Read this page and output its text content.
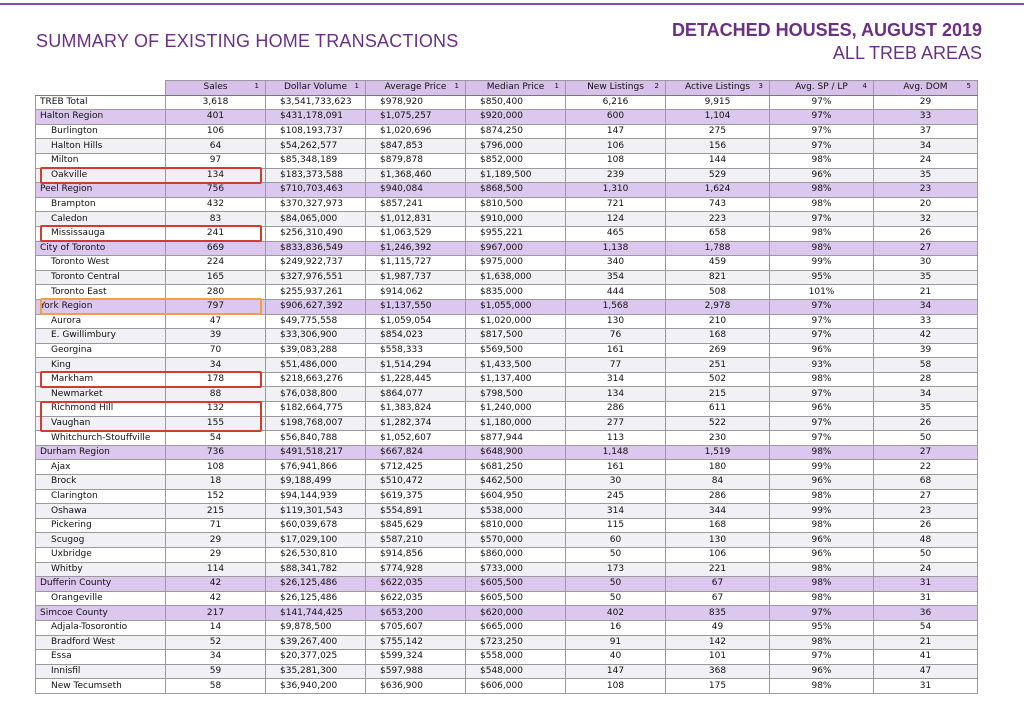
SUMMARY OF EXISTING HOME TRANSACTIONS
DETACHED HOUSES, AUGUST 2019
ALL TREB AREAS
	Sales 1	Dollar Volume 1	Average Price 1	Median Price 1	New Listings 2	Active Listings 3	Avg. SP / LP 4	Avg. DOM 5

TREB Total	3,618	$3,541,733,623	$978,920	$850,400	6,216	9,915	97%	29
Halton Region	401	$431,178,091	$1,075,257	$920,000	600	1,104	97%	33
Burlington	106	$108,193,737	$1,020,696	$874,250	147	275	97%	37
Halton Hills	64	$54,262,577	$847,853	$796,000	106	156	97%	34
Milton	97	$85,348,189	$879,878	$852,000	108	144	98%	24
Oakville	134	$183,373,588	$1,368,460	$1,189,500	239	529	96%	35
Peel Region	756	$710,703,463	$940,084	$868,500	1,310	1,624	98%	23
Brampton	432	$370,327,973	$857,241	$810,500	721	743	98%	20
Caledon	83	$84,065,000	$1,012,831	$910,000	124	223	97%	32
Mississauga	241	$256,310,490	$1,063,529	$955,221	465	658	98%	26
City of Toronto	669	$833,836,549	$1,246,392	$967,000	1,138	1,788	98%	27
Toronto West	224	$249,922,737	$1,115,727	$975,000	340	459	99%	30
Toronto Central	165	$327,976,551	$1,987,737	$1,638,000	354	821	95%	35
Toronto East	280	$255,937,261	$914,062	$835,000	444	508	101%	21
York Region	797	$906,627,392	$1,137,550	$1,055,000	1,568	2,978	97%	34
Aurora	47	$49,775,558	$1,059,054	$1,020,000	130	210	97%	33
E. Gwillimbury	39	$33,306,900	$854,023	$817,500	76	168	97%	42
Georgina	70	$39,083,288	$558,333	$569,500	161	269	96%	39
King	34	$51,486,000	$1,514,294	$1,433,500	77	251	93%	58
Markham	178	$218,663,276	$1,228,445	$1,137,400	314	502	98%	28
Newmarket	88	$76,038,800	$864,077	$798,500	134	215	97%	34
Richmond Hill	132	$182,664,775	$1,383,824	$1,240,000	286	611	96%	35
Vaughan	155	$198,768,007	$1,282,374	$1,180,000	277	522	97%	26
Whitchurch-Stouffville	54	$56,840,788	$1,052,607	$877,944	113	230	97%	50
Durham Region	736	$491,518,217	$667,824	$648,900	1,148	1,519	98%	27
Ajax	108	$76,941,866	$712,425	$681,250	161	180	99%	22
Brock	18	$9,188,499	$510,472	$462,500	30	84	96%	68
Clarington	152	$94,144,939	$619,375	$604,950	245	286	98%	27
Oshawa	215	$119,301,543	$554,891	$538,000	314	344	99%	23
Pickering	71	$60,039,678	$845,629	$810,000	115	168	98%	26
Scugog	29	$17,029,100	$587,210	$570,000	60	130	96%	48
Uxbridge	29	$26,530,810	$914,856	$860,000	50	106	96%	50
Whitby	114	$88,341,782	$774,928	$733,000	173	221	98%	24
Dufferin County	42	$26,125,486	$622,035	$605,500	50	67	98%	31
Orangeville	42	$26,125,486	$622,035	$605,500	50	67	98%	31
Simcoe County	217	$141,744,425	$653,200	$620,000	402	835	97%	36
Adjala-Tosorontio	14	$9,878,500	$705,607	$665,000	16	49	95%	54
Bradford West	52	$39,267,400	$755,142	$723,250	91	142	98%	21
Essa	34	$20,377,025	$599,324	$558,000	40	101	97%	41
Innisfil	59	$35,281,300	$597,988	$548,000	147	368	96%	47
New Tecumseth	58	$36,940,200	$636,900	$606,000	108	175	98%	31
